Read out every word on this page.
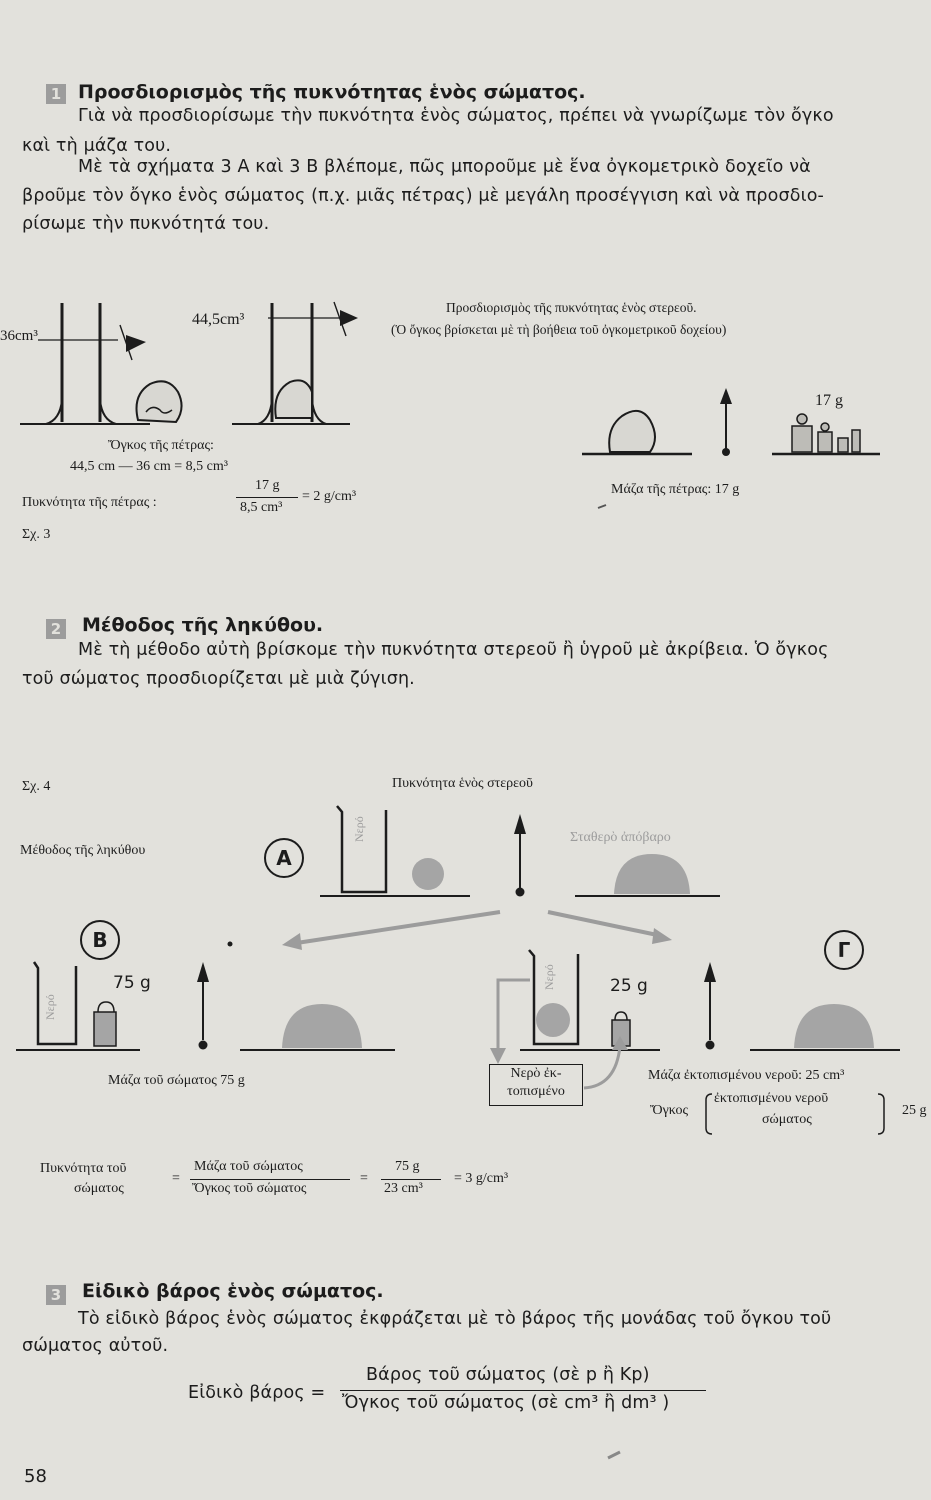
1 Προσδιορισμὸς τῆς πυκνότητας ἑνὸς σώματος.
Γιὰ νὰ προσδιορίσωμε τὴν πυκνότητα ἑνὸς σώματος, πρέπει νὰ γνωρίζωμε τὸν ὄγκο
καὶ τὴ μάζα του.
Μὲ τὰ σχήματα 3 Α καὶ 3 Β βλέπομε, πῶς μποροῦμε μὲ ἕνα ὀγκομετρικὸ δοχεῖο νὰ
βροῦμε τὸν ὄγκο ἑνὸς σώματος (π.χ. μιᾶς πέτρας) μὲ μεγάλη προσέγγιση καὶ νὰ προσδιο-
ρίσωμε τὴν πυκνότητά του.
36cm³
44,5cm³
Προσδιορισμὸς τῆς πυκνότητας ἑνὸς στερεοῦ.
(Ὁ ὄγκος βρίσκεται μὲ τὴ βοήθεια τοῦ ὀγκομετρικοῦ δοχείου)
17 g
Ὄγκος τῆς πέτρας:
44,5 cm — 36 cm = 8,5 cm³
Πυκνότητα τῆς πέτρας :
17 g
8,5 cm³
= 2 g/cm³	Μάζα τῆς πέτρας: 17 g
Σχ. 3
2 Μέθοδος τῆς ληκύθου.
Μὲ τὴ μέθοδο αὐτὴ βρίσκομε τὴν πυκνότητα στερεοῦ ἢ ὑγροῦ μὲ ἀκρίβεια. Ὁ ὄγκος
τοῦ σώματος προσδιορίζεται μὲ μιὰ ζύγιση.
Σχ. 4	Πυκνότητα ἑνὸς στερεοῦ
Μέθοδος τῆς ληκύθου	Α
Β	Γ
Σταθερὸ ἀπόβαρο
Νερό
Νερό
Νερό
75 g	25 g
Μάζα τοῦ σώματος 75 g	Νερὸ ἐκ-
τοπισμένο
Μάζα ἐκτοπισμένου νεροῦ: 25 cm³
Ὄγκος
ἐκτοπισμένου νεροῦ
σώματος
25 g
Πυκνότητα τοῦ
σώματος
=
Μάζα τοῦ σώματος
Ὄγκος τοῦ σώματος
=
75 g
23 cm³
= 3 g/cm³
3 Εἰδικὸ βάρος ἑνὸς σώματος.
Τὸ εἰδικὸ βάρος ἑνὸς σώματος ἐκφράζεται μὲ τὸ βάρος τῆς μονάδας τοῦ ὄγκου τοῦ
σώματος αὐτοῦ.
Εἰδικὸ βάρος =
Βάρος τοῦ σώματος (σὲ p ἢ Kp)
Ὄγκος τοῦ σώματος (σὲ cm³ ἢ dm³ )
58
